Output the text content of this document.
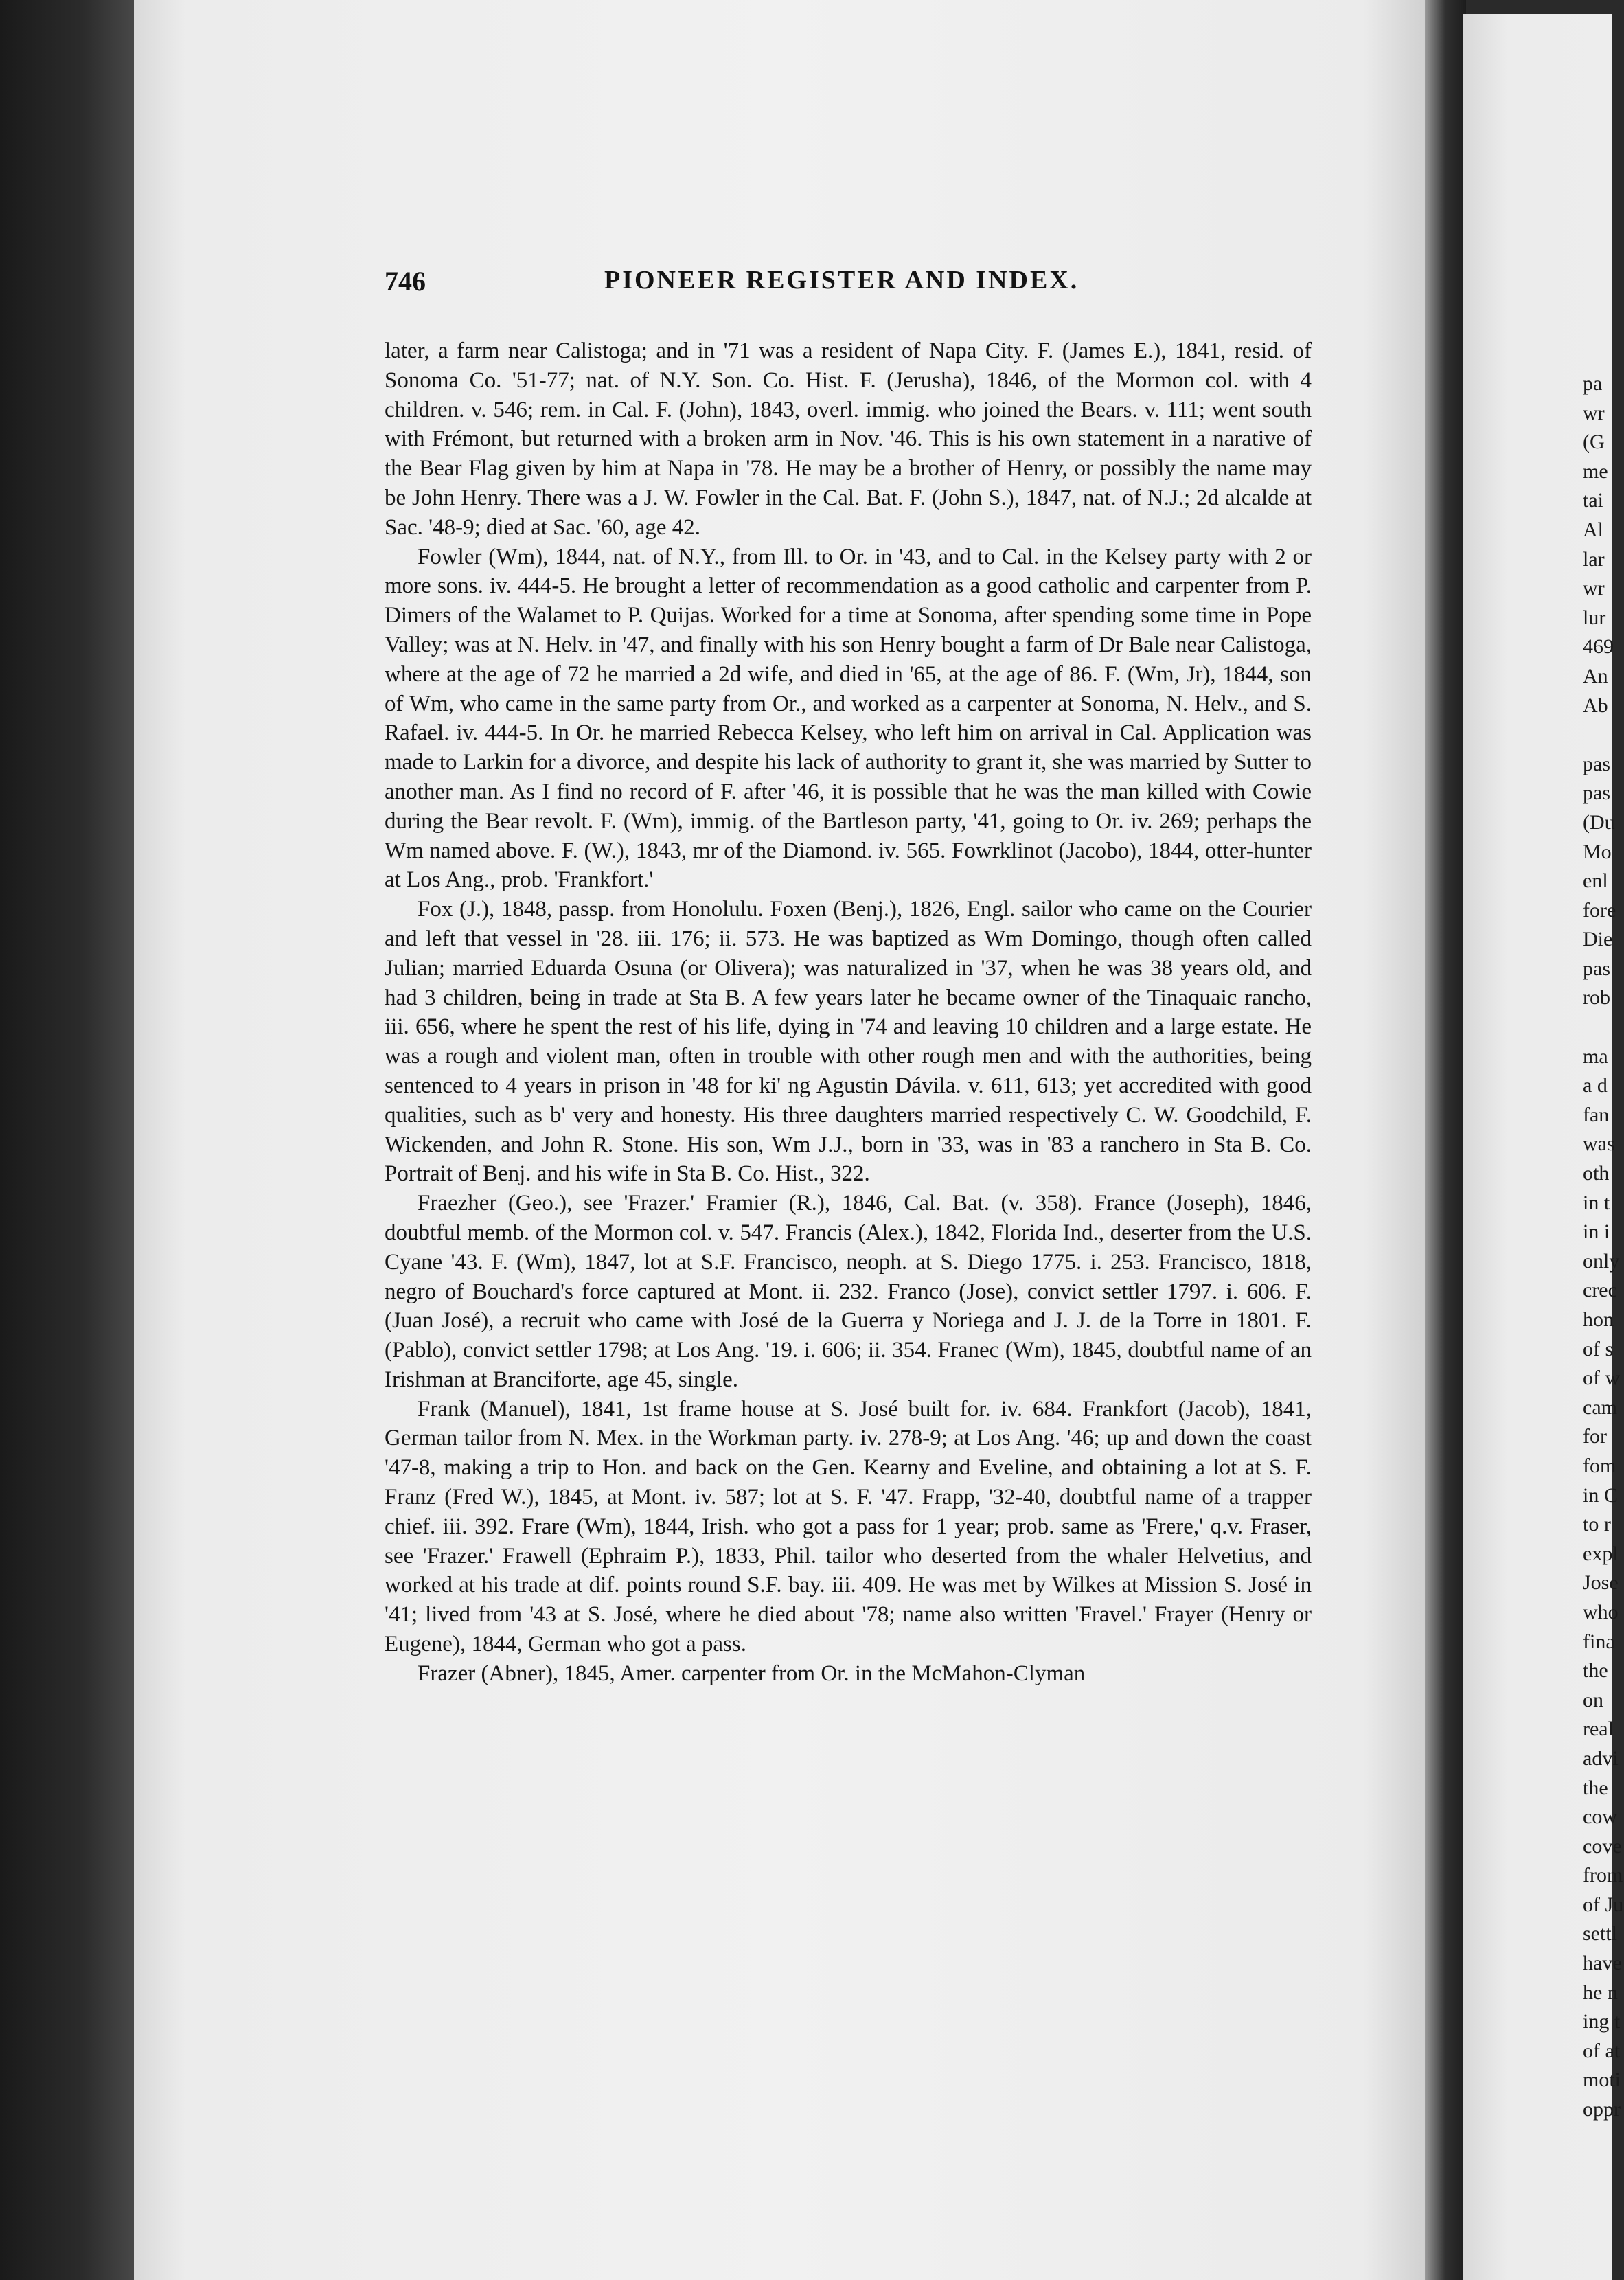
746	PIONEER REGISTER AND INDEX.

later, a farm near Calistoga; and in '71 was a resident of Napa City. F. (James E.), 1841, resid. of Sonoma Co. '51-77; nat. of N.Y. Son. Co. Hist. F. (Jerusha), 1846, of the Mormon col. with 4 children. v. 546; rem. in Cal. F. (John), 1843, overl. immig. who joined the Bears. v. 111; went south with Frémont, but returned with a broken arm in Nov. '46. This is his own statement in a narative of the Bear Flag given by him at Napa in '78. He may be a brother of Henry, or possibly the name may be John Henry. There was a J. W. Fowler in the Cal. Bat. F. (John S.), 1847, nat. of N.J.; 2d alcalde at Sac. '48-9; died at Sac. '60, age 42.

Fowler (Wm), 1844, nat. of N.Y., from Ill. to Or. in '43, and to Cal. in the Kelsey party with 2 or more sons. iv. 444-5. He brought a letter of recommendation as a good catholic and carpenter from P. Dimers of the Walamet to P. Quijas. Worked for a time at Sonoma, after spending some time in Pope Valley; was at N. Helv. in '47, and finally with his son Henry bought a farm of Dr Bale near Calistoga, where at the age of 72 he married a 2d wife, and died in '65, at the age of 86. F. (Wm, Jr), 1844, son of Wm, who came in the same party from Or., and worked as a carpenter at Sonoma, N. Helv., and S. Rafael. iv. 444-5. In Or. he married Rebecca Kelsey, who left him on arrival in Cal. Application was made to Larkin for a divorce, and despite his lack of authority to grant it, she was married by Sutter to another man. As I find no record of F. after '46, it is possible that he was the man killed with Cowie during the Bear revolt. F. (Wm), immig. of the Bartleson party, '41, going to Or. iv. 269; perhaps the Wm named above. F. (W.), 1843, mr of the Diamond. iv. 565. Fowrklinot (Jacobo), 1844, otter-hunter at Los Ang., prob. 'Frankfort.'

Fox (J.), 1848, passp. from Honolulu. Foxen (Benj.), 1826, Engl. sailor who came on the Courier and left that vessel in '28. iii. 176; ii. 573. He was baptized as Wm Domingo, though often called Julian; married Eduarda Osuna (or Olivera); was naturalized in '37, when he was 38 years old, and had 3 children, being in trade at Sta B. A few years later he became owner of the Tinaquaic rancho, iii. 656, where he spent the rest of his life, dying in '74 and leaving 10 children and a large estate. He was a rough and violent man, often in trouble with other rough men and with the authorities, being sentenced to 4 years in prison in '48 for ki' ng Agustin Dávila. v. 611, 613; yet accredited with good qualities, such as b' very and honesty. His three daughters married respectively C. W. Goodchild, F. Wickenden, and John R. Stone. His son, Wm J.J., born in '33, was in '83 a ranchero in Sta B. Co. Portrait of Benj. and his wife in Sta B. Co. Hist., 322.

Fraezher (Geo.), see 'Frazer.' Framier (R.), 1846, Cal. Bat. (v. 358). France (Joseph), 1846, doubtful memb. of the Mormon col. v. 547. Francis (Alex.), 1842, Florida Ind., deserter from the U.S. Cyane '43. F. (Wm), 1847, lot at S.F. Francisco, neoph. at S. Diego 1775. i. 253. Francisco, 1818, negro of Bouchard's force captured at Mont. ii. 232. Franco (Jose), convict settler 1797. i. 606. F. (Juan José), a recruit who came with José de la Guerra y Noriega and J. J. de la Torre in 1801. F. (Pablo), convict settler 1798; at Los Ang. '19. i. 606; ii. 354. Franec (Wm), 1845, doubtful name of an Irishman at Branciforte, age 45, single.

Frank (Manuel), 1841, 1st frame house at S. José built for. iv. 684. Frankfort (Jacob), 1841, German tailor from N. Mex. in the Workman party. iv. 278-9; at Los Ang. '46; up and down the coast '47-8, making a trip to Hon. and back on the Gen. Kearny and Eveline, and obtaining a lot at S. F. Franz (Fred W.), 1845, at Mont. iv. 587; lot at S. F. '47. Frapp, '32-40, doubtful name of a trapper chief. iii. 392. Frare (Wm), 1844, Irish. who got a pass for 1 year; prob. same as 'Frere,' q.v. Fraser, see 'Frazer.' Frawell (Ephraim P.), 1833, Phil. tailor who deserted from the whaler Helvetius, and worked at his trade at dif. points round S.F. bay. iii. 409. He was met by Wilkes at Mission S. José in '41; lived from '43 at S. José, where he died about '78; name also written 'Fravel.' Frayer (Henry or Eugene), 1844, German who got a pass.

Frazer (Abner), 1845, Amer. carpenter from Or. in the McMahon-Clyman

pa
wr
(G
me
tai
Al
lar
wr
lur
469
An
Ab

pas
pas
(Du
Mo
enl
fore
Die
pas
rob

ma
a d
fan
was
oth
in t
in i
only
crec
hon
of s
of w
cam
for
fom
in C
to r
expl
Jose
who
fina
the
on
real
advi
the
cow
cove
from
of Ju
settl
have
he n
ing t
of at
moti
oppr
